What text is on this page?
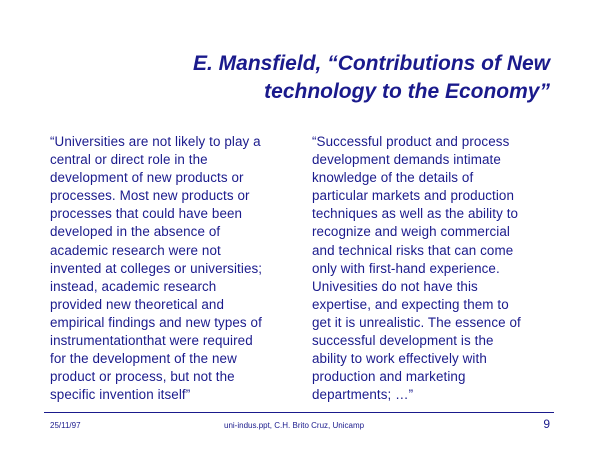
E. Mansfield, “Contributions of New
technology to the Economy”
“Universities are not likely to play a
central or direct role in the
development of new products or
processes. Most new products or
processes that could have been
developed in the absence of
academic research were not
invented at colleges or universities;
instead, academic research
provided new theoretical and
empirical findings and new types of
instrumentationthat were required
for the development of the new
product or process, but not the
specific invention itself”
“Successful product and process
development demands intimate
knowledge of the details of
particular markets and production
techniques as well as the ability to
recognize and weigh commercial
and technical risks that can come
only with first-hand experience.
Univesities do not have this
expertise, and expecting them to
get it is unrealistic. The essence of
successful development is the
ability to work effectively with
production and marketing
departments; …”
25/11/97	uni-indus.ppt, C.H. Brito Cruz, Unicamp	9
